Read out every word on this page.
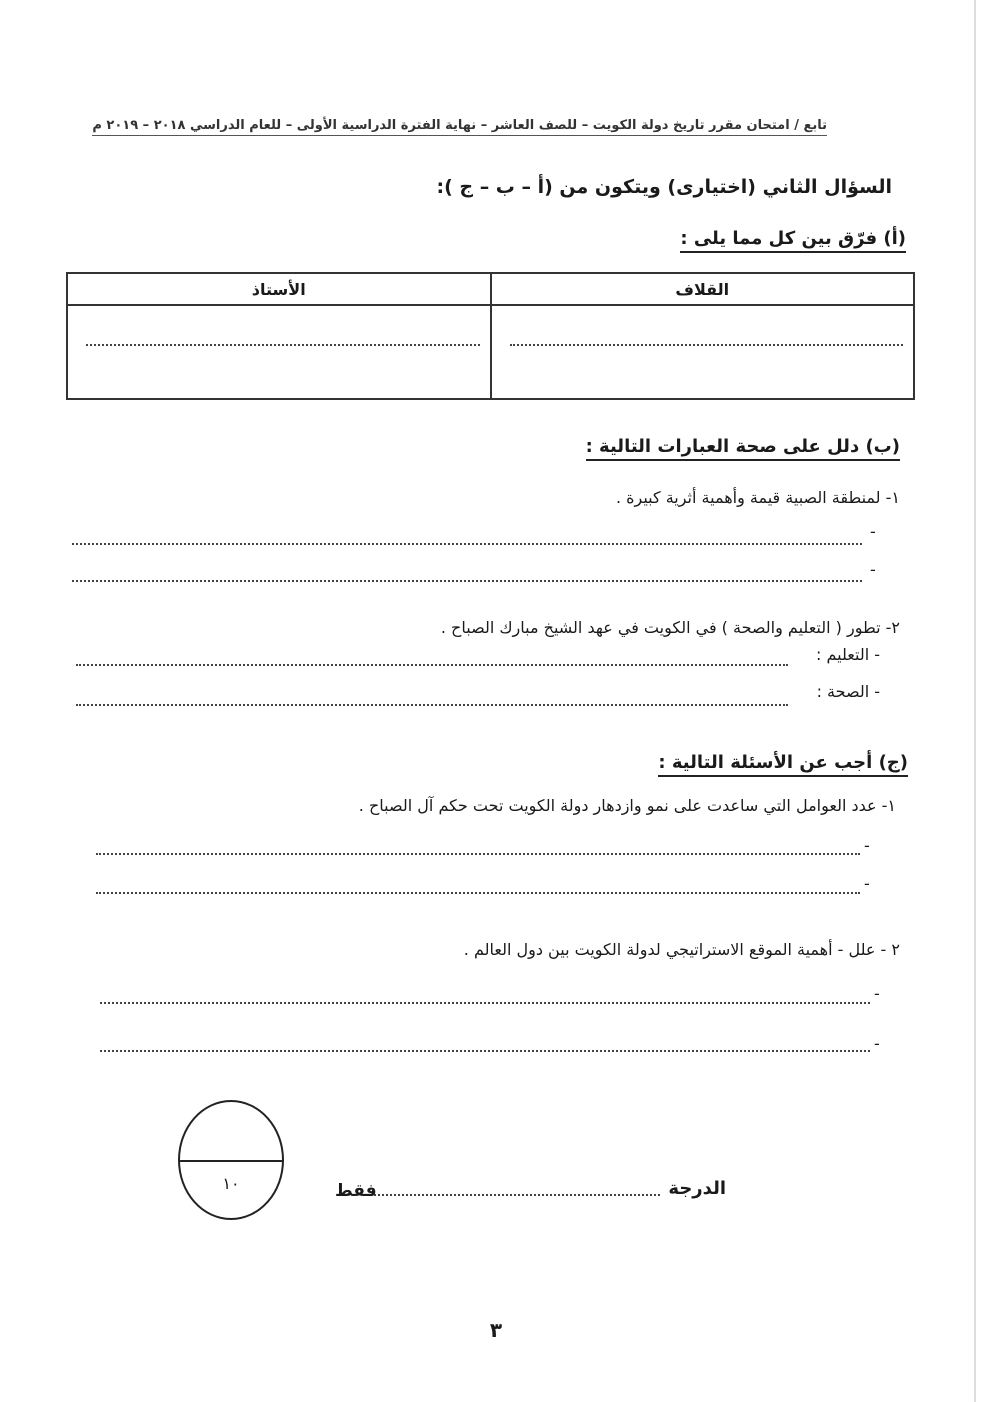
تابع / امتحان مقرر تاريخ دولة الكويت – للصف العاشر – نهاية الفترة الدراسية الأولى – للعام الدراسي ٢٠١٨ – ٢٠١٩ م
السؤال الثاني (اختيارى) ويتكون من (أ – ب – ج ):
(أ) فرّق بين كل مما يلى :
الأستاذ	القلاف

(ب) دلل على صحة العبارات التالية :
١- لمنطقة الصبية قيمة وأهمية أثرية كبيرة .
-
-
٢- تطور ( التعليم والصحة ) في الكويت في عهد الشيخ مبارك الصباح .
- التعليم :
- الصحة :
(ج) أجب عن الأسئلة التالية :
١- عدد العوامل التي ساعدت على نمو وازدهار دولة الكويت تحت حكم آل الصباح .
-
-
٢ - علل - أهمية الموقع الاستراتيجي لدولة الكويت بين دول العالم .
-
-
١٠	الدرجة
فقط
٣
